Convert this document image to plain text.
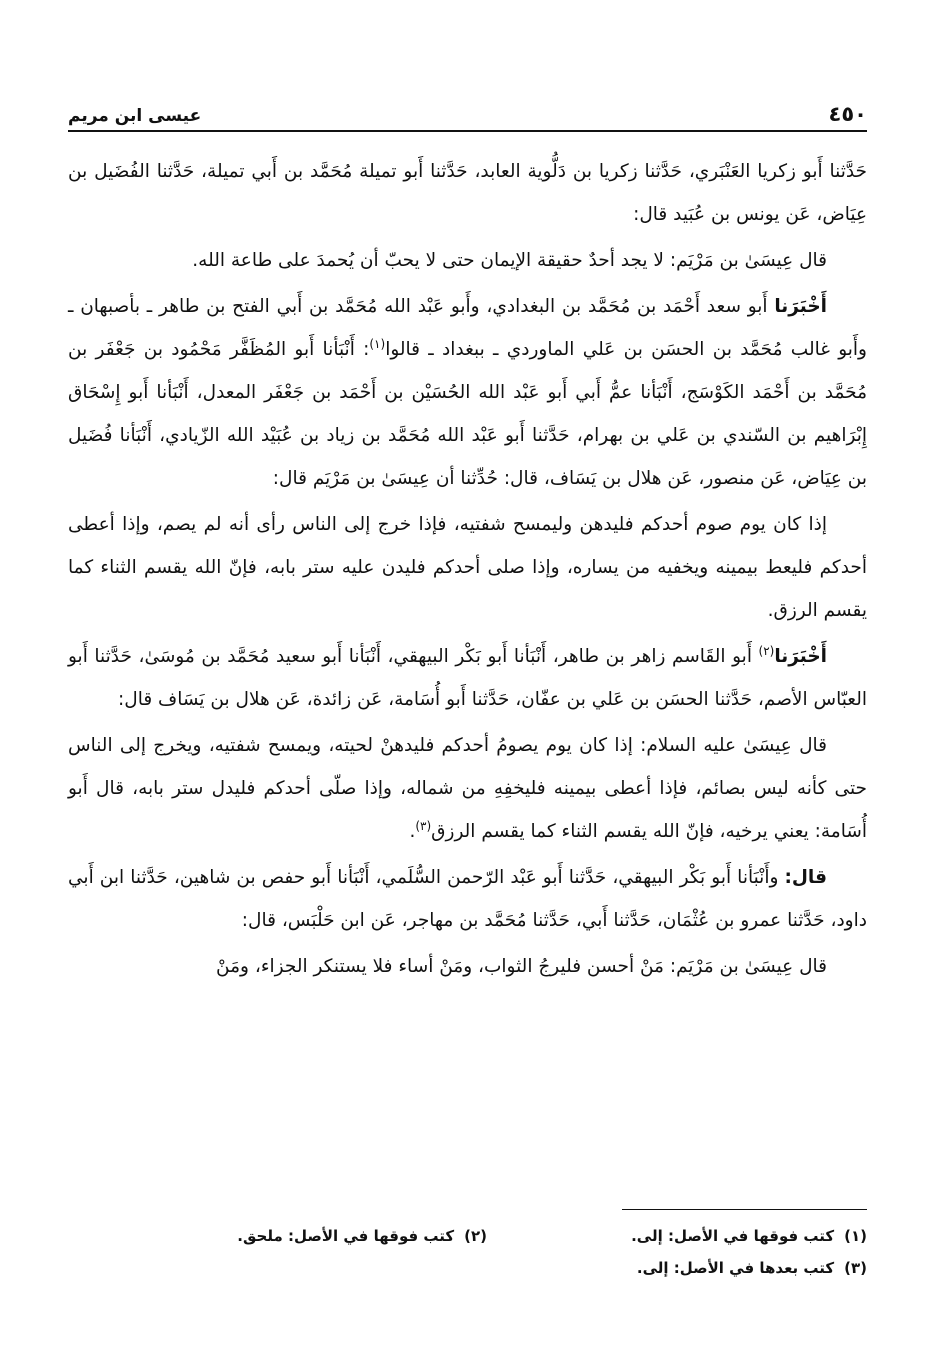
٤٥٠
عيسى ابن مريم

حَدَّثنا أَبو زكريا العَنْبَري، حَدَّثنا زكريا بن دَلُّوية العابد، حَدَّثنا أَبو تميلة مُحَمَّد بن أَبي تميلة، حَدَّثنا الفُضَيل بن عِيَاض، عَن يونس بن عُبَيد قال:

قال عِيسَىٰ بن مَرْيَم: لا يجد أحدٌ حقيقة الإيمان حتى لا يحبّ أن يُحمدَ على طاعة الله.

أَخْبَرَنا أَبو سعد أَحْمَد بن مُحَمَّد بن البغدادي، وأَبو عَبْد الله مُحَمَّد بن أَبي الفتح بن طاهر ـ بأصبهان ـ وأَبو غالب مُحَمَّد بن الحسَن بن عَلي الماوردي ـ ببغداد ـ قالوا$^{(١)}$: أَنْبَأنا أَبو المُظَفَّر مَحْمُود بن جَعْفَر بن مُحَمَّد بن أَحْمَد الكَوْسَج، أَنْبَأنا عمُّ أَبي أَبو عَبْد الله الحُسَيْن بن أَحْمَد بن جَعْفَر المعدل، أَنْبَأنا أَبو إِسْحَاق إِبْرَاهيم بن السّندي بن عَلي بن بهرام، حَدَّثنا أَبو عَبْد الله مُحَمَّد بن زياد بن عُبَيْد الله الزّيادي، أَنْبَأنا فُضَيل بن عِيَاض، عَن منصور، عَن هلال بن يَسَاف، قال: حُدِّثنا أن عِيسَىٰ بن مَرْيَم قال:

إذا كان يوم صوم أحدكم فليدهن وليمسح شفتيه، فإذا خرج إلى الناس رأى أنه لم يصم، وإذا أعطى أحدكم فليعط بيمينه ويخفيه من يساره، وإذا صلى أحدكم فليدن عليه ستر بابه، فإنّ الله يقسم الثناء كما يقسم الرزق.

أَخْبَرَنا$^{(٢)}$ أَبو القَاسم زاهر بن طاهر، أَنْبَأنا أَبو بَكْر البيهقي، أَنْبَأنا أَبو سعيد مُحَمَّد بن مُوسَىٰ، حَدَّثنا أَبو العبّاس الأصم، حَدَّثنا الحسَن بن عَلي بن عفّان، حَدَّثنا أَبو أُسَامة، عَن زائدة، عَن هلال بن يَسَاف قال:

قال عِيسَىٰ عليه السلام: إذا كان يوم يصومُ أحدكم فليدهنْ لحيته، ويمسح شفتيه، ويخرج إلى الناس حتى كأنه ليس بصائم، فإذا أعطى بيمينه فليخفِهِ من شماله، وإذا صلّى أحدكم فليدل ستر بابه، قال أَبو أُسَامة: يعني يرخيه، فإنّ الله يقسم الثناء كما يقسم الرزق$^{(٣)}$.

قال: وأَنْبَأنا أَبو بَكْر البيهقي، حَدَّثنا أَبو عَبْد الرّحمن السُّلَمي، أَنْبَأنا أَبو حفص بن شاهين، حَدَّثنا ابن أَبي داود، حَدَّثنا عمرو بن عُثْمَان، حَدَّثنا أَبي، حَدَّثنا مُحَمَّد بن مهاجر، عَن ابن حَلْبَس، قال:

قال عِيسَىٰ بن مَرْيَم: مَنْ أحسن فليرجُ الثواب، ومَنْ أساء فلا يستنكر الجزاء، ومَنْ

(١)كتب فوقها في الأصل: إلى.
(٢)كتب فوقها في الأصل: ملحق.
(٣)كتب بعدها في الأصل: إلى.
